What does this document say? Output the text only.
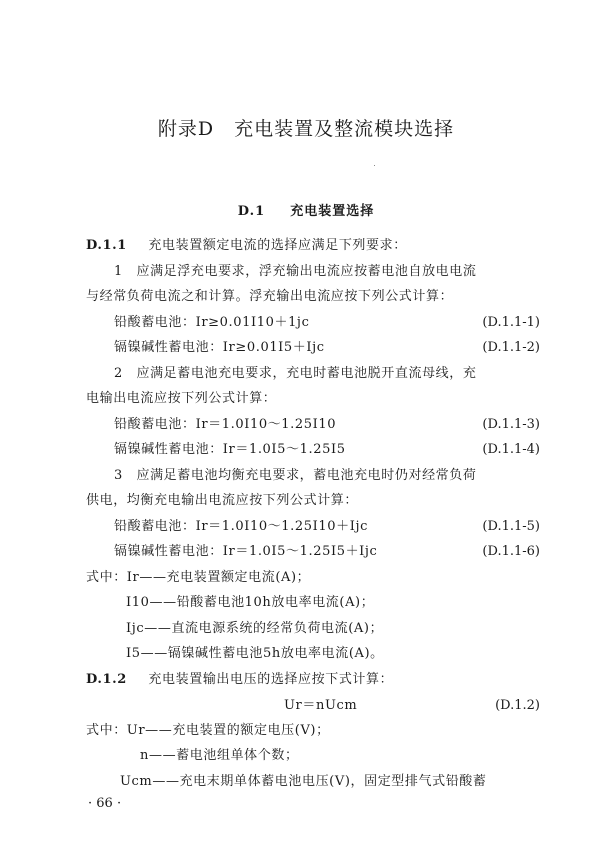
附录D　充电装置及整流模块选择
D.1 充电装置选择
D.1.1 充电装置额定电流的选择应满足下列要求：
1　应满足浮充电要求，浮充输出电流应按蓄电池自放电电流
与经常负荷电流之和计算。浮充输出电流应按下列公式计算：
铅酸蓄电池：Ir≥0.01I10＋1jc	(D.1.1-1)
镉镍碱性蓄电池：Ir≥0.01I5＋Ijc	(D.1.1-2)
2　应满足蓄电池充电要求，充电时蓄电池脱开直流母线，充
电输出电流应按下列公式计算：
铅酸蓄电池：Ir＝1.0I10～1.25I10	(D.1.1-3)
镉镍碱性蓄电池：Ir＝1.0I5～1.25I5	(D.1.1-4)
3　应满足蓄电池均衡充电要求，蓄电池充电时仍对经常负荷
供电，均衡充电输出电流应按下列公式计算：
铅酸蓄电池：Ir＝1.0I10～1.25I10＋Ijc	(D.1.1-5)
镉镍碱性蓄电池：Ir＝1.0I5～1.25I5＋Ijc	(D.1.1-6)
式中：Ir——充电装置额定电流(A)；
I10——铅酸蓄电池10h放电率电流(A)；
Ijc——直流电源系统的经常负荷电流(A)；
I5——镉镍碱性蓄电池5h放电率电流(A)。
D.1.2 充电装置输出电压的选择应按下式计算：
Ur＝nUcm	(D.1.2)
式中：Ur——充电装置的额定电压(V)；
n——蓄电池组单体个数；
Ucm——充电末期单体蓄电池电压(V)，固定型排气式铅酸蓄
· 66 ·
